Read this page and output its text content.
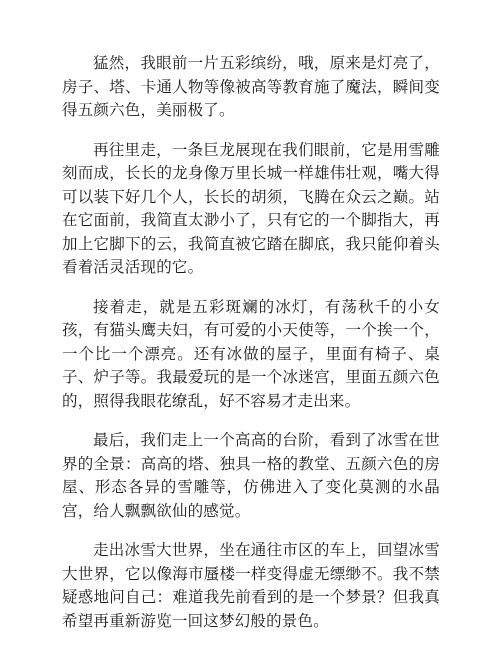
猛然，我眼前一片五彩缤纷，哦，原来是灯亮了，房子、塔、卡通人物等像被高等教育施了魔法，瞬间变得五颜六色，美丽极了。

再往里走，一条巨龙展现在我们眼前，它是用雪雕刻而成，长长的龙身像万里长城一样雄伟壮观，嘴大得可以装下好几个人，长长的胡须，飞腾在众云之巅。站在它面前，我简直太渺小了，只有它的一个脚指大，再加上它脚下的云，我简直被它踏在脚底，我只能仰着头看着活灵活现的它。

接着走，就是五彩斑斓的冰灯，有荡秋千的小女孩，有猫头鹰夫妇，有可爱的小天使等，一个挨一个，一个比一个漂亮。还有冰做的屋子，里面有椅子、桌子、炉子等。我最爱玩的是一个冰迷宫，里面五颜六色的，照得我眼花缭乱，好不容易才走出来。

最后，我们走上一个高高的台阶，看到了冰雪在世界的全景：高高的塔、独具一格的教堂、五颜六色的房屋、形态各异的雪雕等，仿佛进入了变化莫测的水晶宫，给人飘飘欲仙的感觉。

走出冰雪大世界，坐在通往市区的车上，回望冰雪大世界，它以像海市蜃楼一样变得虚无缥缈不。我不禁疑惑地问自己：难道我先前看到的是一个梦景？但我真希望再重新游览一回这梦幻般的景色。
